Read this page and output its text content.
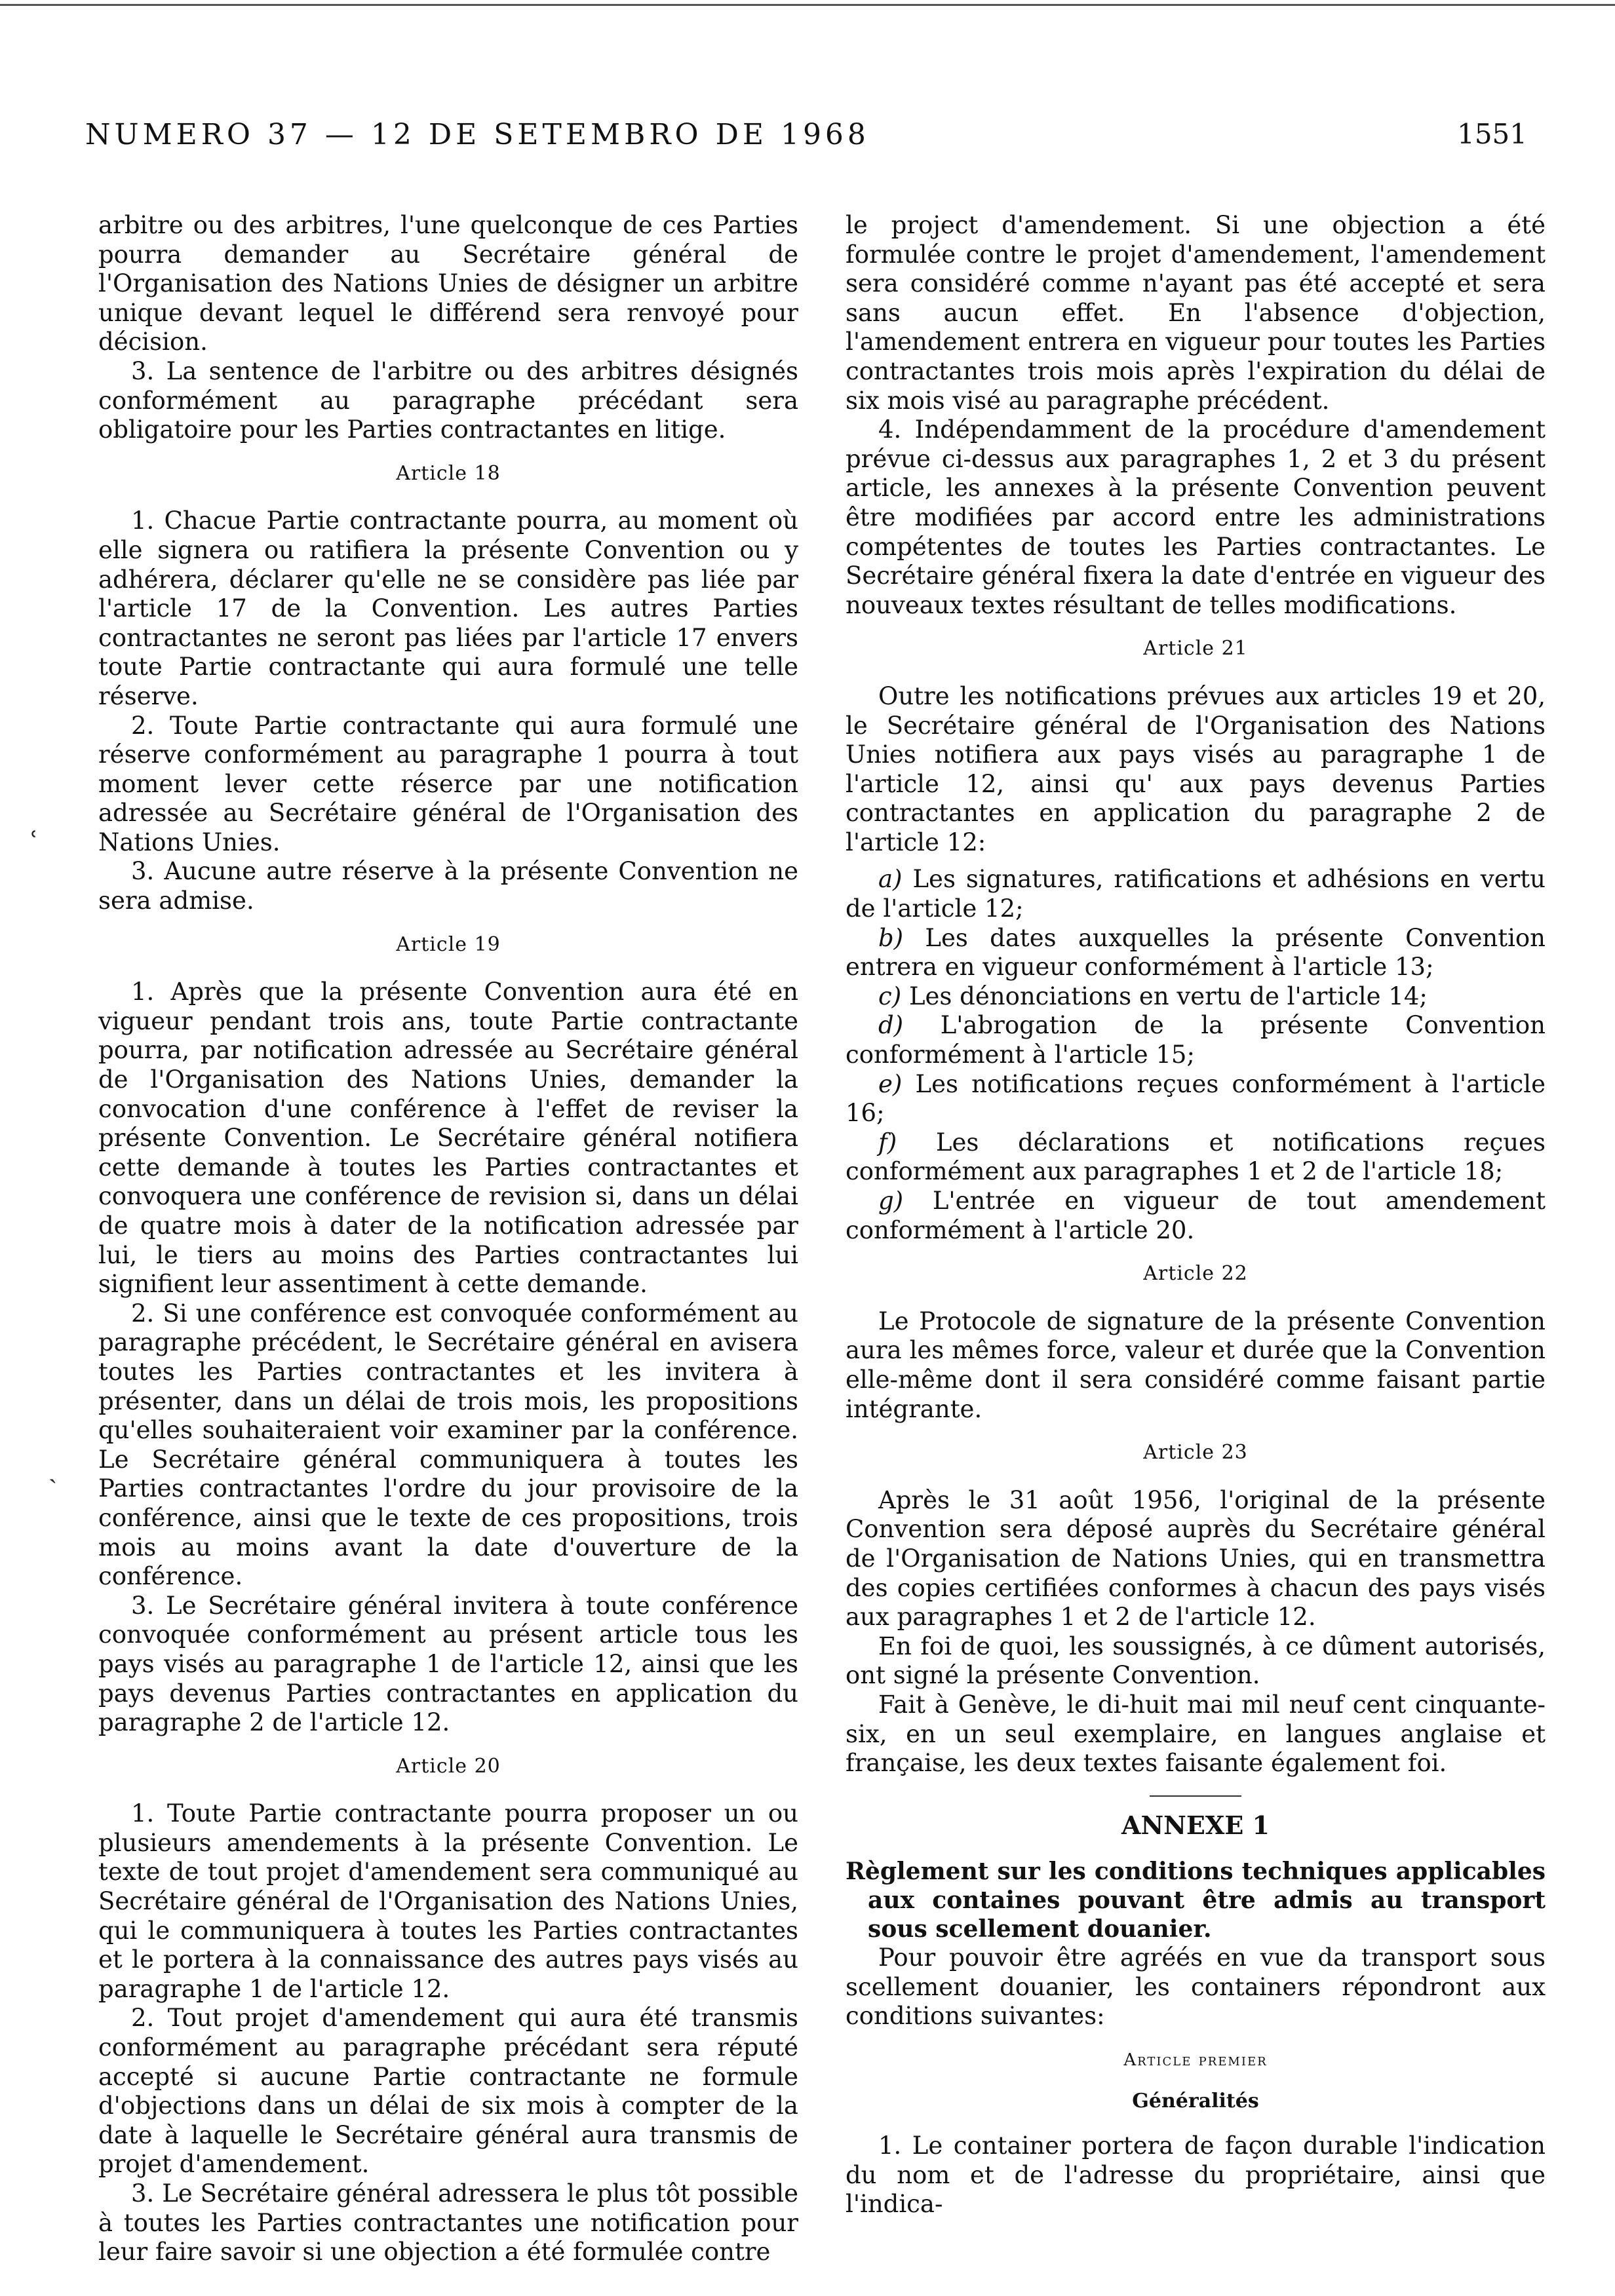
NUMERO 37 — 12 DE SETEMBRO DE 1968	1551
ʿ
ˎ

arbitre ou des arbitres, l'une quelconque de ces Parties pourra demander au Secrétaire général de l'Organisation des Nations Unies de désigner un arbitre unique devant lequel le différend sera renvoyé pour décision.

3. La sentence de l'arbitre ou des arbitres désignés conformément au paragraphe précédant sera obligatoire pour les Parties contractantes en litige.

Article 18

1. Chacue Partie contractante pourra, au moment où elle signera ou ratifiera la présente Convention ou y adhérera, déclarer qu'elle ne se considère pas liée par l'article 17 de la Convention. Les autres Parties contractantes ne seront pas liées par l'article 17 envers toute Partie contractante qui aura formulé une telle réserve.

2. Toute Partie contractante qui aura formulé une réserve conformément au paragraphe 1 pourra à tout moment lever cette réserce par une notification adressée au Secrétaire général de l'Organisation des Nations Unies.

3. Aucune autre réserve à la présente Convention ne sera admise.

Article 19

1. Après que la présente Convention aura été en vigueur pendant trois ans, toute Partie contractante pourra, par notification adressée au Secrétaire général de l'Organisation des Nations Unies, demander la convocation d'une conférence à l'effet de reviser la présente Convention. Le Secrétaire général notifiera cette demande à toutes les Parties contractantes et convoquera une conférence de revision si, dans un délai de quatre mois à dater de la notification adressée par lui, le tiers au moins des Parties contractantes lui signifient leur assentiment à cette demande.

2. Si une conférence est convoquée conformément au paragraphe précédent, le Secrétaire général en avisera toutes les Parties contractantes et les invitera à présenter, dans un délai de trois mois, les propositions qu'elles souhaiteraient voir examiner par la conférence. Le Secrétaire général communiquera à toutes les Parties contractantes l'ordre du jour provisoire de la conférence, ainsi que le texte de ces propositions, trois mois au moins avant la date d'ouverture de la conférence.

3. Le Secrétaire général invitera à toute conférence convoquée conformément au présent article tous les pays visés au paragraphe 1 de l'article 12, ainsi que les pays devenus Parties contractantes en application du paragraphe 2 de l'article 12.

Article 20

1. Toute Partie contractante pourra proposer un ou plusieurs amendements à la présente Convention. Le texte de tout projet d'amendement sera communiqué au Secrétaire général de l'Organisation des Nations Unies, qui le communiquera à toutes les Parties contractantes et le portera à la connaissance des autres pays visés au paragraphe 1 de l'article 12.

2. Tout projet d'amendement qui aura été transmis conformément au paragraphe précédant sera réputé accepté si aucune Partie contractante ne formule d'objections dans un délai de six mois à compter de la date à laquelle le Secrétaire général aura transmis de projet d'amendement.

3. Le Secrétaire général adressera le plus tôt possible à toutes les Parties contractantes une notification pour leur faire savoir si une objection a été formulée contre

le project d'amendement. Si une objection a été formulée contre le projet d'amendement, l'amendement sera considéré comme n'ayant pas été accepté et sera sans aucun effet. En l'absence d'objection, l'amendement entrera en vigueur pour toutes les Parties contractantes trois mois après l'expiration du délai de six mois visé au paragraphe précédent.

4. Indépendamment de la procédure d'amendement prévue ci-dessus aux paragraphes 1, 2 et 3 du présent article, les annexes à la présente Convention peuvent être modifiées par accord entre les administrations compétentes de toutes les Parties contractantes. Le Secrétaire général fixera la date d'entrée en vigueur des nouveaux textes résultant de telles modifications.

Article 21

Outre les notifications prévues aux articles 19 et 20, le Secrétaire général de l'Organisation des Nations Unies notifiera aux pays visés au paragraphe 1 de l'article 12, ainsi qu' aux pays devenus Parties contractantes en application du paragraphe 2 de l'article 12:

a) Les signatures, ratifications et adhésions en vertu de l'article 12;

b) Les dates auxquelles la présente Convention entrera en vigueur conformément à l'article 13;

c) Les dénonciations en vertu de l'article 14;

d) L'abrogation de la présente Convention conformément à l'article 15;

e) Les notifications reçues conformément à l'article 16;

f) Les déclarations et notifications reçues conformément aux paragraphes 1 et 2 de l'article 18;

g) L'entrée en vigueur de tout amendement conformément à l'article 20.

Article 22

Le Protocole de signature de la présente Convention aura les mêmes force, valeur et durée que la Convention elle-même dont il sera considéré comme faisant partie intégrante.

Article 23

Après le 31 août 1956, l'original de la présente Convention sera déposé auprès du Secrétaire général de l'Organisation de Nations Unies, qui en transmettra des copies certifiées conformes à chacun des pays visés aux paragraphes 1 et 2 de l'article 12.

En foi de quoi, les soussignés, à ce dûment autorisés, ont signé la présente Convention.

Fait à Genève, le di-huit mai mil neuf cent cinquante-six, en un seul exemplaire, en langues anglaise et française, les deux textes faisante également foi.

ANNEXE 1

Règlement sur les conditions techniques applicables aux containes pouvant être admis au transport sous scellement douanier.

Pour pouvoir être agréés en vue da transport sous scellement douanier, les containers répondront aux conditions suivantes:

Article premier
Généralités

1. Le container portera de façon durable l'indication du nom et de l'adresse du propriétaire, ainsi que l'indica-
